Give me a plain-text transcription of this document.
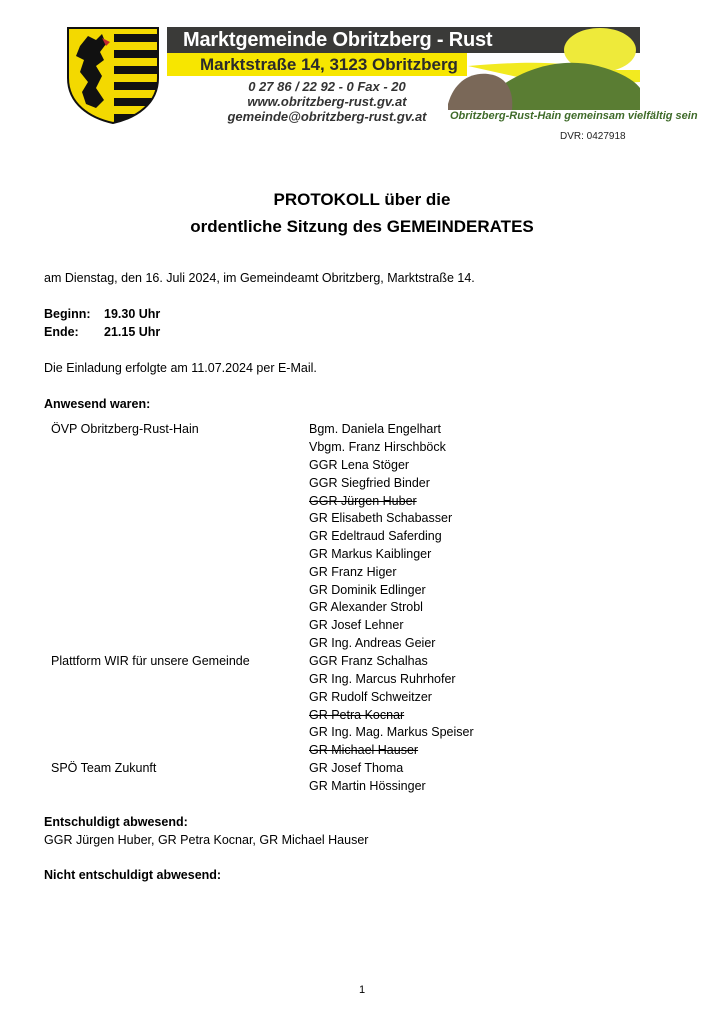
Marktgemeinde Obritzberg - Rust
Marktstraße 14, 3123 Obritzberg
0 27 86 / 22 92 - 0 Fax - 20
www.obritzberg-rust.gv.at
gemeinde@obritzberg-rust.gv.at	Obritzberg-Rust-Hain gemeinsam vielfältig sein
DVR: 0427918
PROTOKOLL über die
ordentliche Sitzung des GEMEINDERATES
am Dienstag, den 16. Juli 2024, im Gemeindeamt Obritzberg, Marktstraße 14.
Beginn: 19.30 Uhr
Ende: 21.15 Uhr
Die Einladung erfolgte am 11.07.2024 per E-Mail.
Anwesend waren:
ÖVP Obritzberg-Rust-Hain
Plattform WIR für unsere Gemeinde
SPÖ Team Zukunft
Bgm. Daniela Engelhart
Vbgm. Franz Hirschböck
GGR Lena Stöger
GGR Siegfried Binder
GGR Jürgen Huber
GR Elisabeth Schabasser
GR Edeltraud Saferding
GR Markus Kaiblinger
GR Franz Higer
GR Dominik Edlinger
GR Alexander Strobl
GR Josef Lehner
GR Ing. Andreas Geier
GGR Franz Schalhas
GR Ing. Marcus Ruhrhofer
GR Rudolf Schweitzer
GR Petra Kocnar
GR Ing. Mag. Markus Speiser
GR Michael Hauser
GR Josef Thoma
GR Martin Hössinger
Entschuldigt abwesend:
GGR Jürgen Huber, GR Petra Kocnar, GR Michael Hauser
Nicht entschuldigt abwesend:
1
